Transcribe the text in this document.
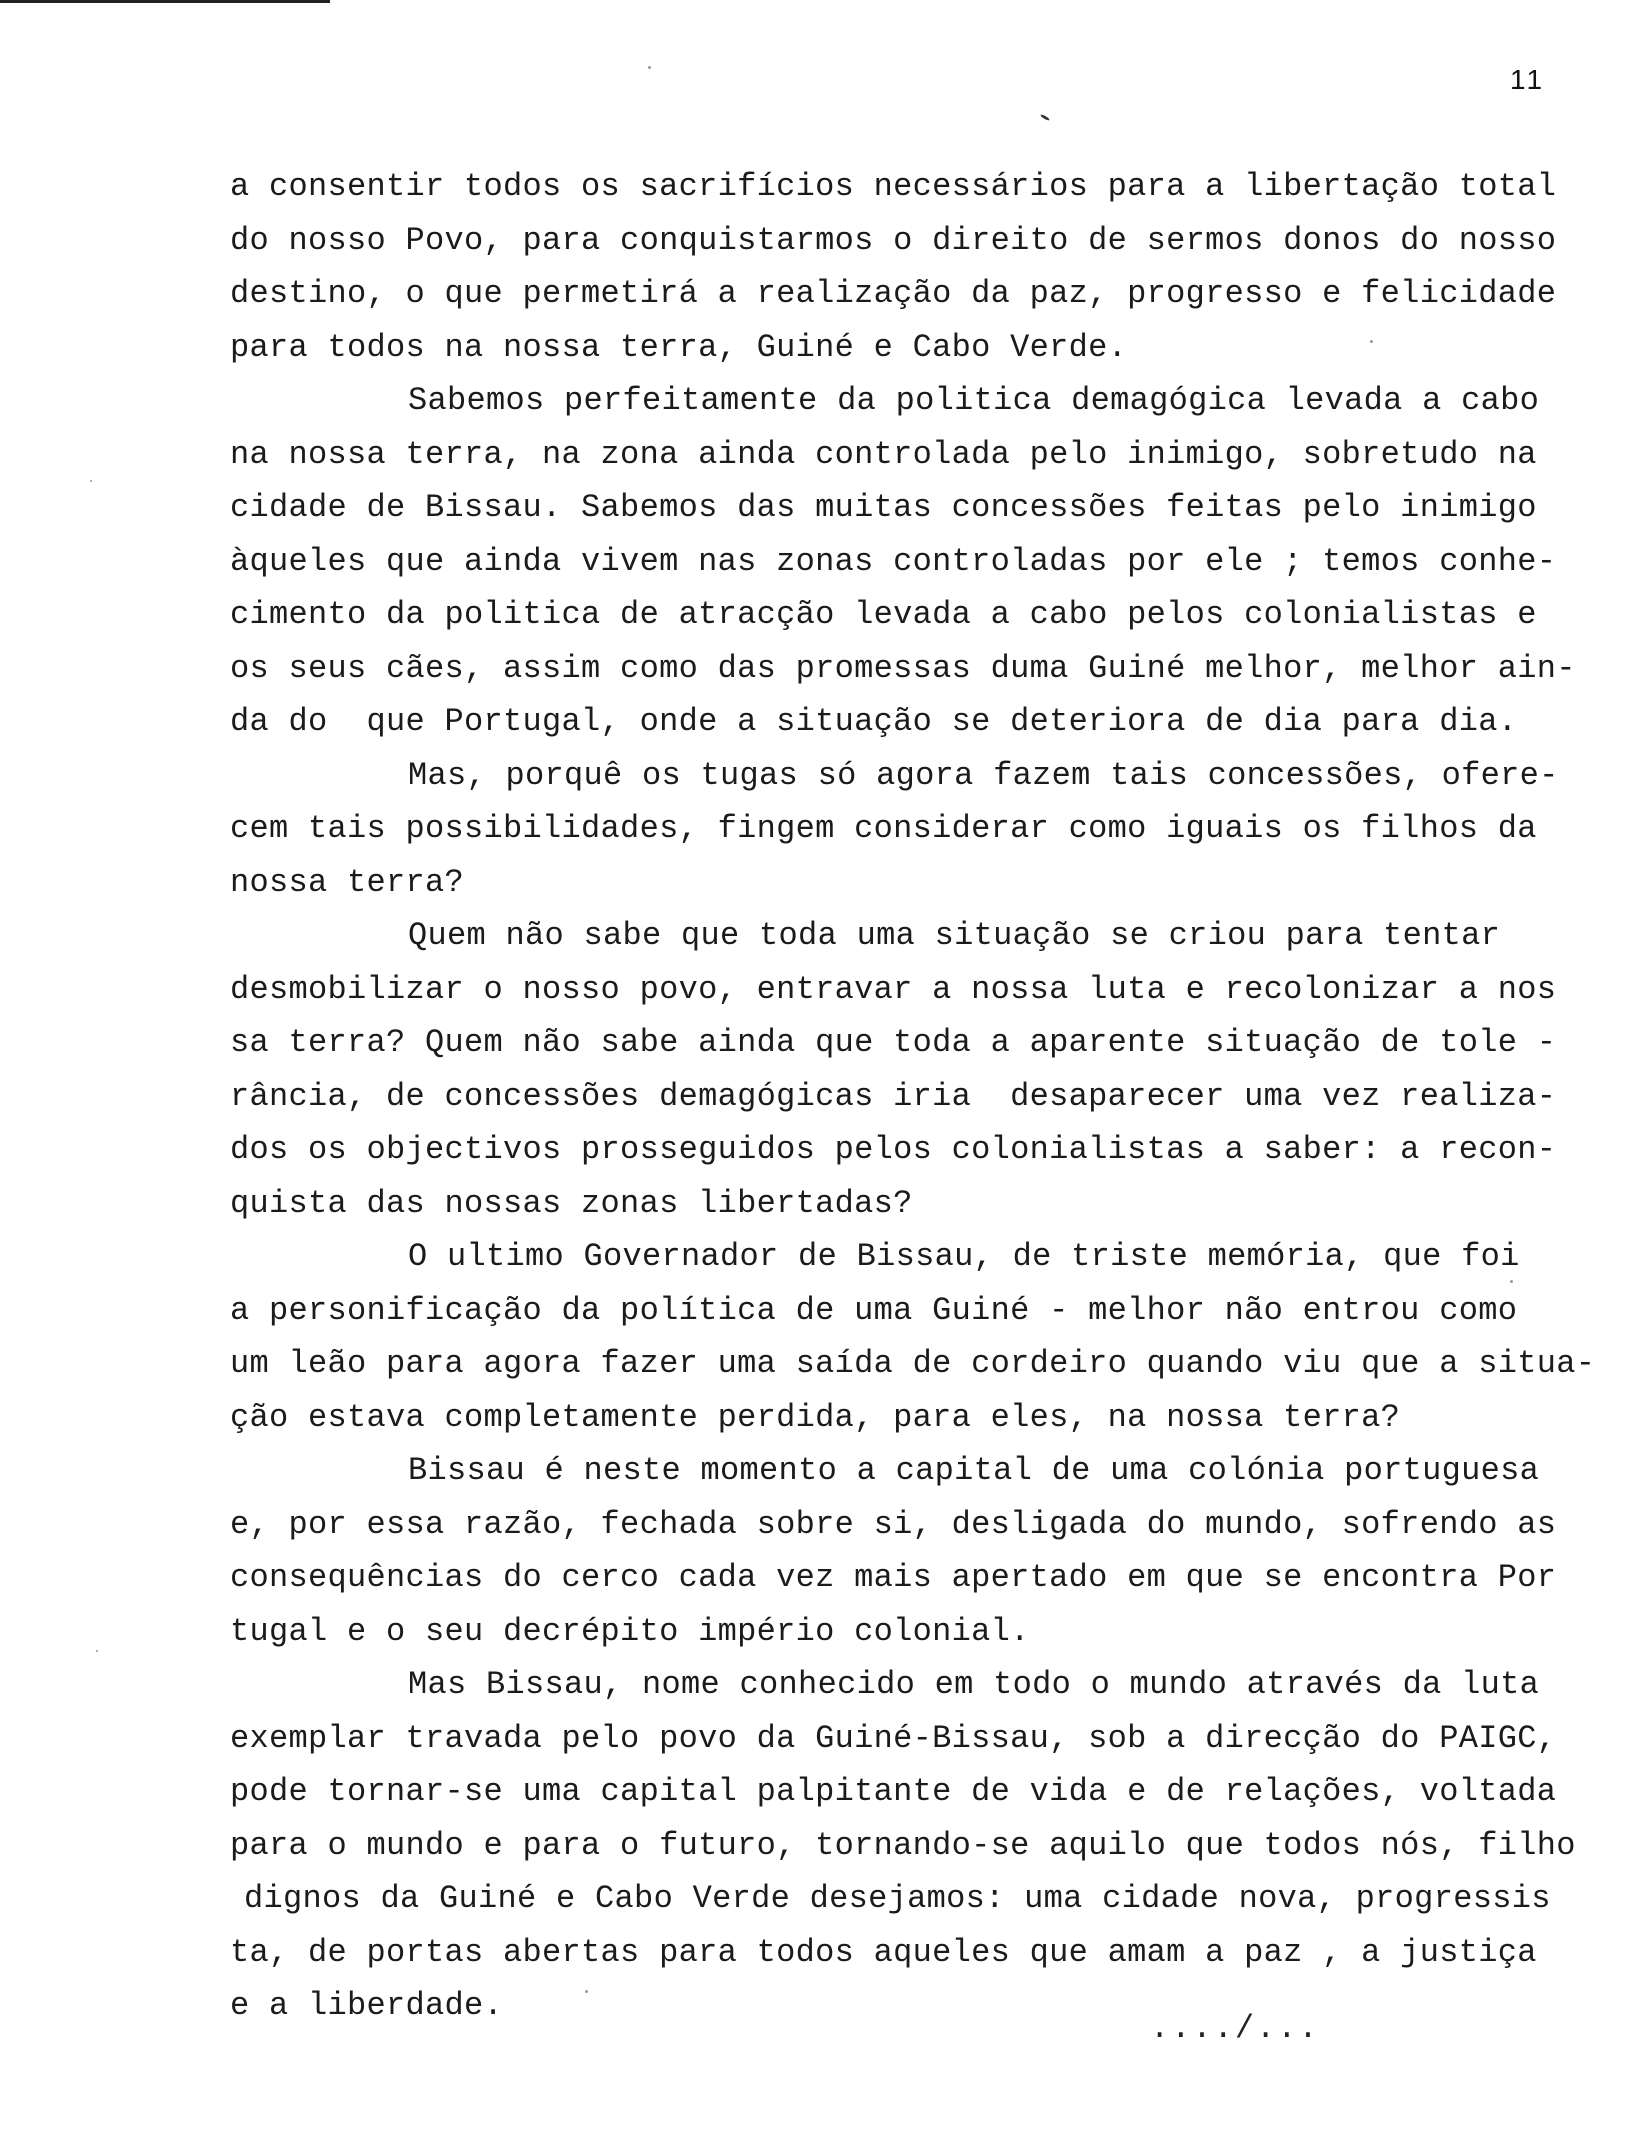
11
a consentir todos os sacrifícios necessários para a libertação total
do nosso Povo, para conquistarmos o direito de sermos donos do nosso
destino, o que permetirá a realização da paz, progresso e felicidade
para todos na nossa terra, Guiné e Cabo Verde.
Sabemos perfeitamente da politica demagógica levada a cabo
na nossa terra, na zona ainda controlada pelo inimigo, sobretudo na
cidade de Bissau. Sabemos das muitas concessões feitas pelo inimigo
àqueles que ainda vivem nas zonas controladas por ele ; temos conhe-
cimento da politica de atracção levada a cabo pelos colonialistas e
os seus cães, assim como das promessas duma Guiné melhor, melhor ain-
da do  que Portugal, onde a situação se deteriora de dia para dia.
Mas, porquê os tugas só agora fazem tais concessões, ofere-
cem tais possibilidades, fingem considerar como iguais os filhos da
nossa terra?
Quem não sabe que toda uma situação se criou para tentar
desmobilizar o nosso povo, entravar a nossa luta e recolonizar a nos
sa terra? Quem não sabe ainda que toda a aparente situação de tole -
rância, de concessões demagógicas iria  desaparecer uma vez realiza-
dos os objectivos prosseguidos pelos colonialistas a saber: a recon-
quista das nossas zonas libertadas?
O ultimo Governador de Bissau, de triste memória, que foi
a personificação da política de uma Guiné - melhor não entrou como
um leão para agora fazer uma saída de cordeiro quando viu que a situa-
ção estava completamente perdida, para eles, na nossa terra?
Bissau é neste momento a capital de uma colónia portuguesa
e, por essa razão, fechada sobre si, desligada do mundo, sofrendo as
consequências do cerco cada vez mais apertado em que se encontra Por
tugal e o seu decrépito império colonial.
Mas Bissau, nome conhecido em todo o mundo através da luta
exemplar travada pelo povo da Guiné-Bissau, sob a direcção do PAIGC,
pode tornar-se uma capital palpitante de vida e de relações, voltada
para o mundo e para o futuro, tornando-se aquilo que todos nós, filho
dignos da Guiné e Cabo Verde desejamos: uma cidade nova, progressis
ta, de portas abertas para todos aqueles que amam a paz , a justiça
e a liberdade.
..../...
